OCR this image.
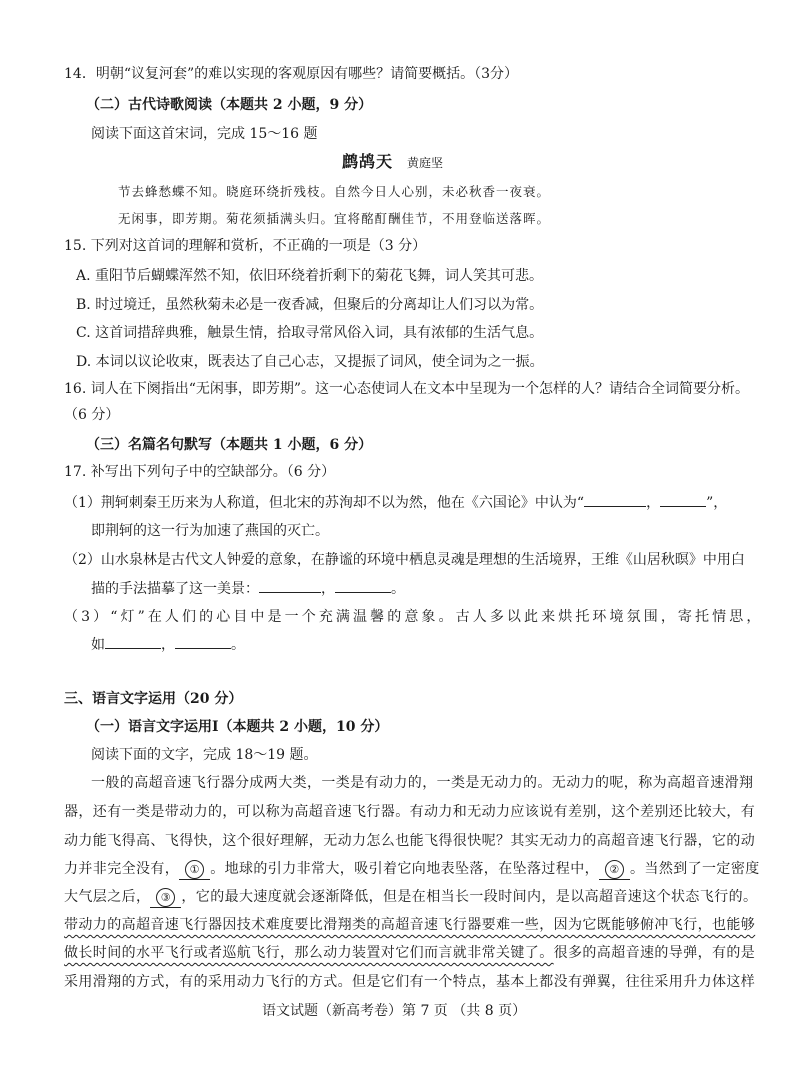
14．明朝“议复河套”的难以实现的客观原因有哪些？请简要概括。（3分）
（二）古代诗歌阅读（本题共 2 小题，9 分）
阅读下面这首宋词，完成 15～16 题
鹧鸪天 黄庭坚
节去蜂愁蝶不知。晓庭环绕折残枝。自然今日人心别，未必秋香一夜衰。
无闲事，即芳期。菊花须插满头归。宜将酩酊酬佳节，不用登临送落晖。
15. 下列对这首词的理解和赏析，不正确的一项是（3 分）
A. 重阳节后蝴蝶浑然不知，依旧环绕着折剩下的菊花飞舞，词人笑其可悲。
B. 时过境迁，虽然秋菊未必是一夜香减，但聚后的分离却让人们习以为常。
C. 这首词措辞典雅，触景生情，拾取寻常风俗入词，具有浓郁的生活气息。
D. 本词以议论收束，既表达了自己心志，又提振了词风，使全词为之一振。
16. 词人在下阕指出“无闲事，即芳期”。这一心态使词人在文本中呈现为一个怎样的人？请结合全词简要分析。
（6 分）
（三）名篇名句默写（本题共 1 小题，6 分）
17. 补写出下列句子中的空缺部分。（6 分）
（1）荆轲刺秦王历来为人称道，但北宋的苏洵却不以为然，他在《六国论》中认为“	，	”，
即荆轲的这一行为加速了燕国的灭亡。
（2）山水泉林是古代文人钟爱的意象，在静谧的环境中栖息灵魂是理想的生活境界，王维《山居秋暝》中用白
描的手法描摹了这一美景：	，	。
（3）“灯”在人们的心目中是一个充满温馨的意象。古人多以此来烘托环境氛围，寄托情思，
如	，	。
三、语言文字运用（20 分）
（一）语言文字运用Ⅰ（本题共 2 小题，10 分）
阅读下面的文字，完成 18～19 题。
一般的高超音速飞行器分成两大类，一类是有动力的，一类是无动力的。无动力的呢，称为高超音速滑翔
器，还有一类是带动力的，可以称为高超音速飞行器。有动力和无动力应该说有差别，这个差别还比较大，有
动力能飞得高、飞得快，这个很好理解，无动力怎么也能飞得很快呢？其实无动力的高超音速飞行器，它的动
力并非完全没有， ① 。地球的引力非常大，吸引着它向地表坠落，在坠落过程中， ② 。当然到了一定密度
大气层之后， ③ ，它的最大速度就会逐渐降低，但是在相当长一段时间内，是以高超音速这个状态飞行的。
带动力的高超音速飞行器因技术难度要比滑翔类的高超音速飞行器要难一些，因为它既能够俯冲飞行，也能够
做长时间的水平飞行或者巡航飞行，那么动力装置对它们而言就非常关键了。很多的高超音速的导弹，有的是
采用滑翔的方式，有的采用动力飞行的方式。但是它们有一个特点，基本上都没有弹翼，往往采用升力体这样
语文试题（新高考卷）第 7 页 （共 8 页）
